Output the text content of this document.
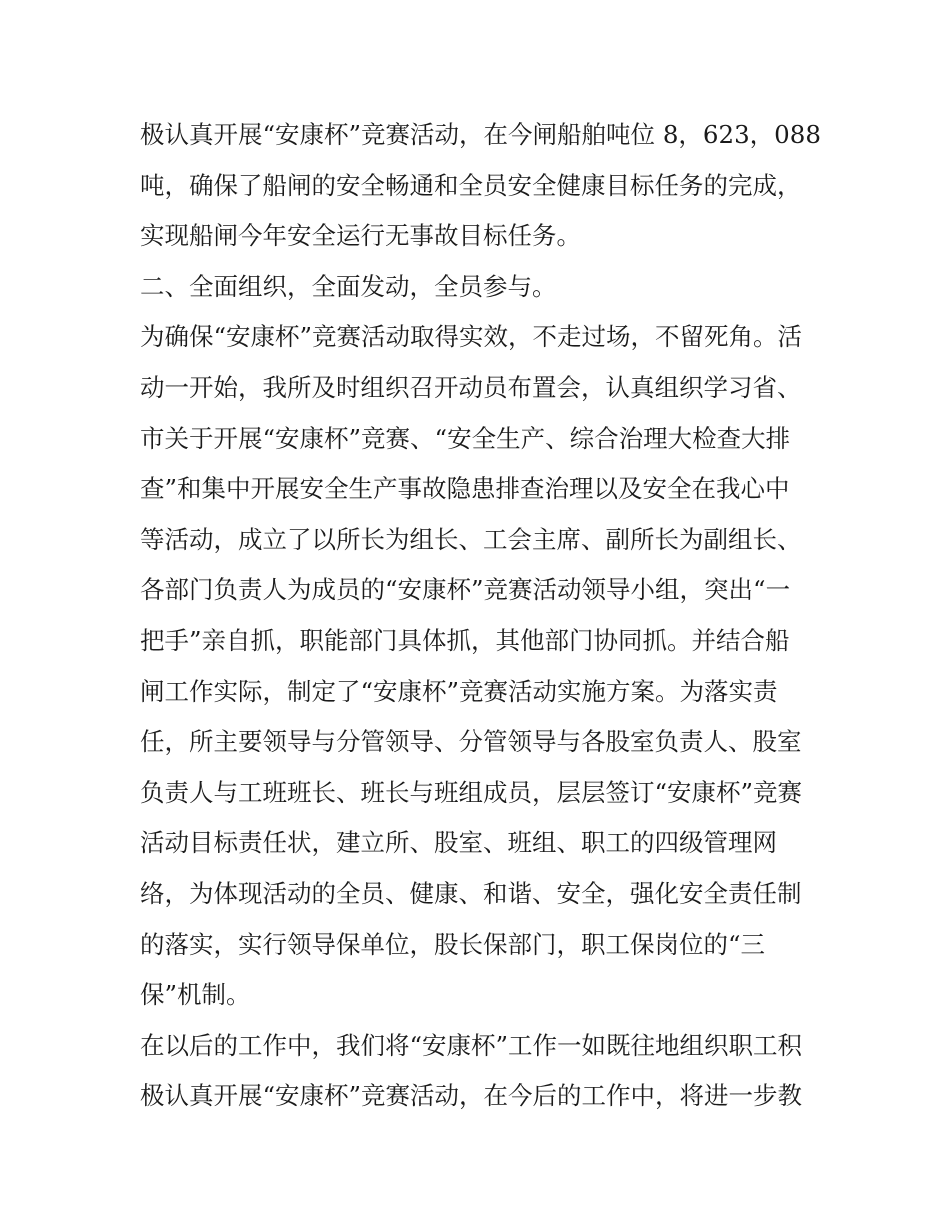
极认真开展“安康杯”竞赛活动，在今闸船舶吨位 8，623，088
吨，确保了船闸的安全畅通和全员安全健康目标任务的完成，
实现船闸今年安全运行无事故目标任务。
二、全面组织，全面发动，全员参与。
为确保“安康杯”竞赛活动取得实效，不走过场，不留死角。活
动一开始，我所及时组织召开动员布置会，认真组织学习省、
市关于开展“安康杯”竞赛、“安全生产、综合治理大检查大排
查”和集中开展安全生产事故隐患排查治理以及安全在我心中
等活动，成立了以所长为组长、工会主席、副所长为副组长、
各部门负责人为成员的“安康杯”竞赛活动领导小组，突出“一
把手”亲自抓，职能部门具体抓，其他部门协同抓。并结合船
闸工作实际，制定了“安康杯”竞赛活动实施方案。为落实责
任，所主要领导与分管领导、分管领导与各股室负责人、股室
负责人与工班班长、班长与班组成员，层层签订“安康杯”竞赛
活动目标责任状，建立所、股室、班组、职工的四级管理网
络，为体现活动的全员、健康、和谐、安全，强化安全责任制
的落实，实行领导保单位，股长保部门，职工保岗位的“三
保”机制。
在以后的工作中，我们将“安康杯”工作一如既往地组织职工积
极认真开展“安康杯”竞赛活动，在今后的工作中，将进一步教
